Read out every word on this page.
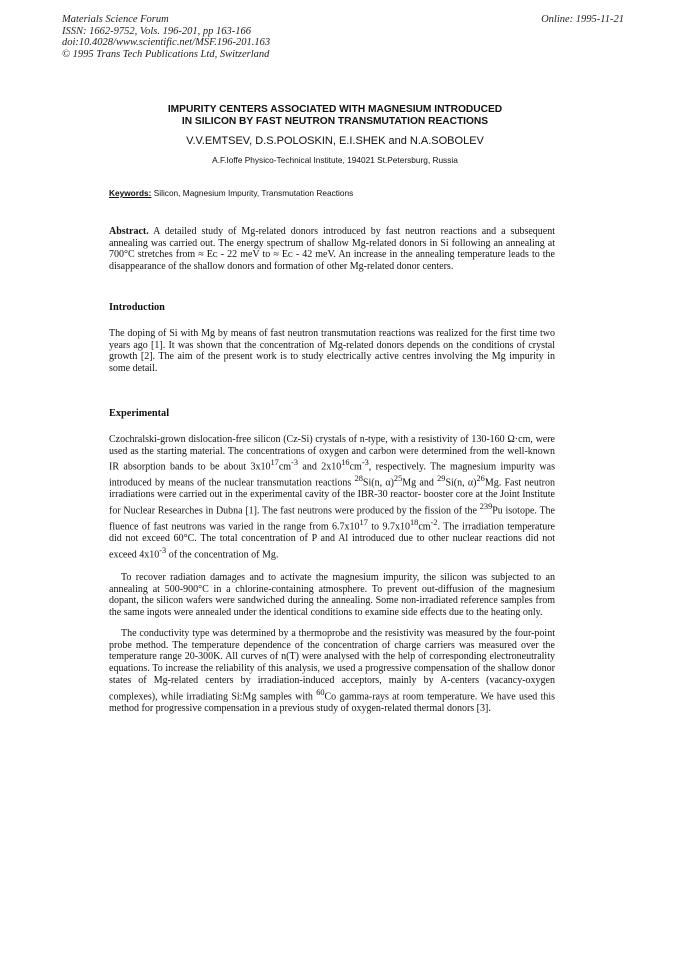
Materials Science Forum
ISSN: 1662-9752, Vols. 196-201, pp 163-166
doi:10.4028/www.scientific.net/MSF.196-201.163
© 1995 Trans Tech Publications Ltd, Switzerland
Online: 1995-11-21
IMPURITY CENTERS ASSOCIATED WITH MAGNESIUM INTRODUCED
IN SILICON BY FAST NEUTRON TRANSMUTATION REACTIONS
V.V.EMTSEV, D.S.POLOSKIN, E.I.SHEK and N.A.SOBOLEV
A.F.Ioffe Physico-Technical Institute, 194021 St.Petersburg, Russia
Keywords: Silicon, Magnesium Impurity, Transmutation Reactions
Abstract. A detailed study of Mg-related donors introduced by fast neutron reactions and a subsequent annealing was carried out. The energy spectrum of shallow Mg-related donors in Si following an annealing at 700°C stretches from ≈ Eᴄ - 22 meV to ≈ Eᴄ - 42 meV. An increase in the annealing temperature leads to the disappearance of the shallow donors and formation of other Mg-related donor centers.
Introduction
The doping of Si with Mg by means of fast neutron transmutation reactions was realized for the first time two years ago [1]. It was shown that the concentration of Mg-related donors depends on the conditions of crystal growth [2]. The aim of the present work is to study electrically active centres involving the Mg impurity in some detail.
Experimental
Czochralski-grown dislocation-free silicon (Cz-Si) crystals of n-type, with a resistivity of 130-160 Ω·cm, were used as the starting material. The concentrations of oxygen and carbon were determined from the well-known IR absorption bands to be about $3x10^{17}cm^{-3}$ and $2x10^{16}cm^{-3}$, respectively. The magnesium impurity was introduced by means of the nuclear transmutation reactions $^{28}$Si(n, α)$^{25}$Mg and $^{29}$Si(n, α)$^{26}$Mg. Fast neutron irradiations were carried out in the experimental cavity of the IBR-30 reactor- booster core at the Joint Institute for Nuclear Researches in Dubna [1]. The fast neutrons were produced by the fission of the $^{239}$Pu isotope. The fluence of fast neutrons was varied in the range from $6.7x10^{17}$ to $9.7x10^{18}cm^{-2}$. The irradiation temperature did not exceed 60°C. The total concentration of P and Al introduced due to other nuclear reactions did not exceed $4x10^{-3}$ of the concentration of Mg.
To recover radiation damages and to activate the magnesium impurity, the silicon was subjected to an annealing at 500-900°C in a chlorine-containing atmosphere. To prevent out-diffusion of the magnesium dopant, the silicon wafers were sandwiched during the annealing. Some non-irradiated reference samples from the same ingots were annealed under the identical conditions to examine side effects due to the heating only.
The conductivity type was determined by a thermoprobe and the resistivity was measured by the four-point probe method. The temperature dependence of the concentration of charge carriers was measured over the temperature range 20-300K. All curves of n(T) were analysed with the help of corresponding electroneutrality equations. To increase the reliability of this analysis, we used a progressive compensation of the shallow donor states of Mg-related centers by irradiation-induced acceptors, mainly by A-centers (vacancy-oxygen complexes), while irradiating Si:Mg samples with $^{60}$Co gamma-rays at room temperature. We have used this method for progressive compensation in a previous study of oxygen-related thermal donors [3].
